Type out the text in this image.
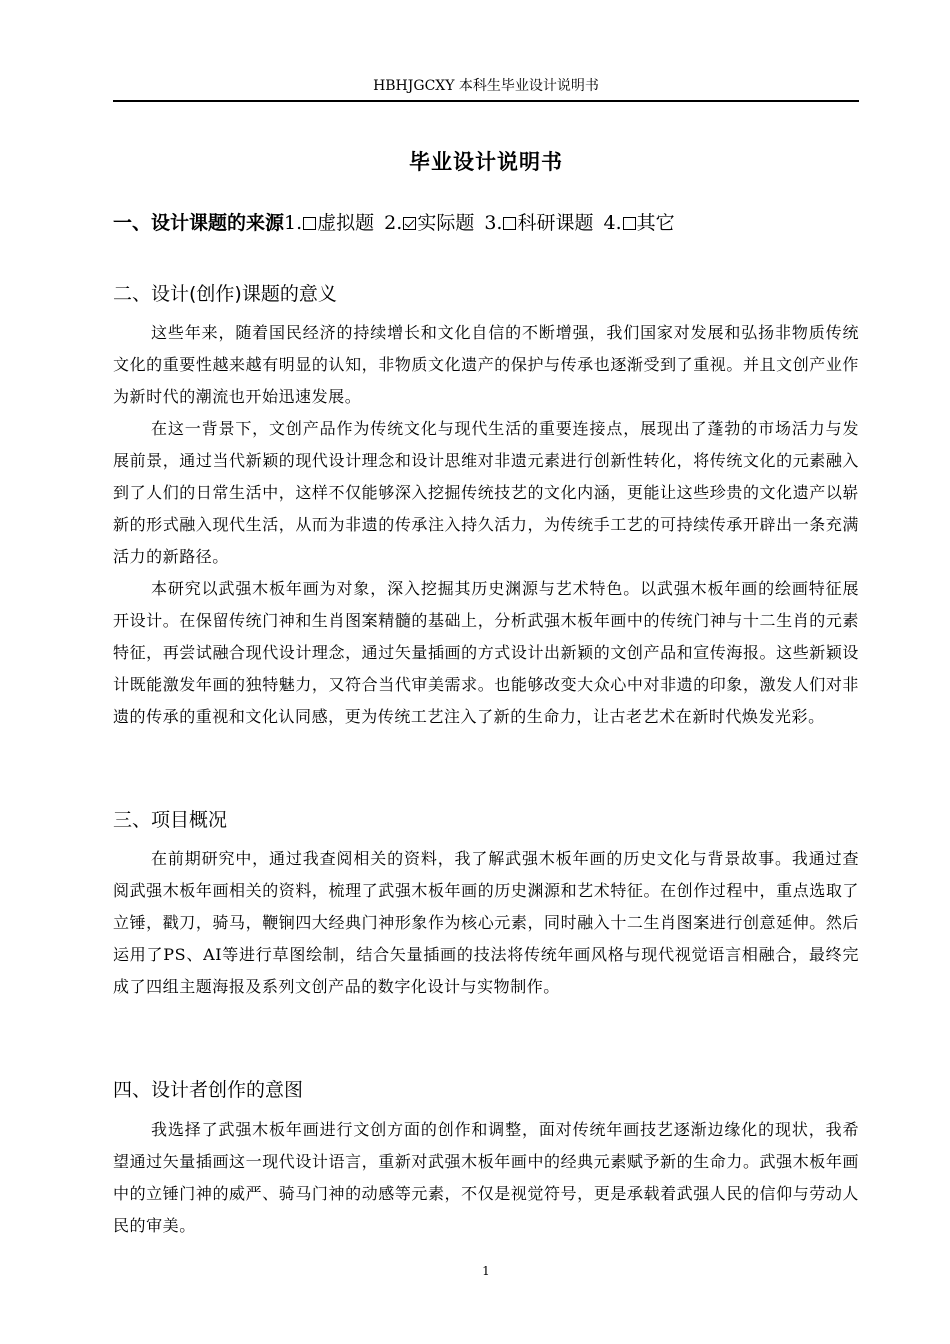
HBHJGCXY 本科生毕业设计说明书
毕业设计说明书
一、设计课题的来源1. 虚拟题 2. 实际题 3. 科研课题 4. 其它
二、设计(创作)课题的意义

这些年来，随着国民经济的持续增长和文化自信的不断增强，我们国家对发展和弘扬非物质传统文化的重要性越来越有明显的认知，非物质文化遗产的保护与传承也逐渐受到了重视。并且文创产业作为新时代的潮流也开始迅速发展。

在这一背景下，文创产品作为传统文化与现代生活的重要连接点，展现出了蓬勃的市场活力与发展前景，通过当代新颖的现代设计理念和设计思维对非遗元素进行创新性转化，将传统文化的元素融入到了人们的日常生活中，这样不仅能够深入挖掘传统技艺的文化内涵，更能让这些珍贵的文化遗产以崭新的形式融入现代生活，从而为非遗的传承注入持久活力，为传统手工艺的可持续传承开辟出一条充满活力的新路径。

本研究以武强木板年画为对象，深入挖掘其历史渊源与艺术特色。以武强木板年画的绘画特征展开设计。在保留传统门神和生肖图案精髓的基础上，分析武强木板年画中的传统门神与十二生肖的元素特征，再尝试融合现代设计理念，通过矢量插画的方式设计出新颖的文创产品和宣传海报。这些新颖设计既能激发年画的独特魅力，又符合当代审美需求。也能够改变大众心中对非遗的印象，激发人们对非遗的传承的重视和文化认同感，更为传统工艺注入了新的生命力，让古老艺术在新时代焕发光彩。

三、项目概况

在前期研究中，通过我查阅相关的资料，我了解武强木板年画的历史文化与背景故事。我通过查阅武强木板年画相关的资料，梳理了武强木板年画的历史渊源和艺术特征。在创作过程中，重点选取了立锤，戳刀，骑马，鞭锏四大经典门神形象作为核心元素，同时融入十二生肖图案进行创意延伸。然后运用了PS、AI等进行草图绘制，结合矢量插画的技法将传统年画风格与现代视觉语言相融合，最终完成了四组主题海报及系列文创产品的数字化设计与实物制作。

四、设计者创作的意图

我选择了武强木板年画进行文创方面的创作和调整，面对传统年画技艺逐渐边缘化的现状，我希望通过矢量插画这一现代设计语言，重新对武强木板年画中的经典元素赋予新的生命力。武强木板年画中的立锤门神的威严、骑马门神的动感等元素，不仅是视觉符号，更是承载着武强人民的信仰与劳动人民的审美。

1
